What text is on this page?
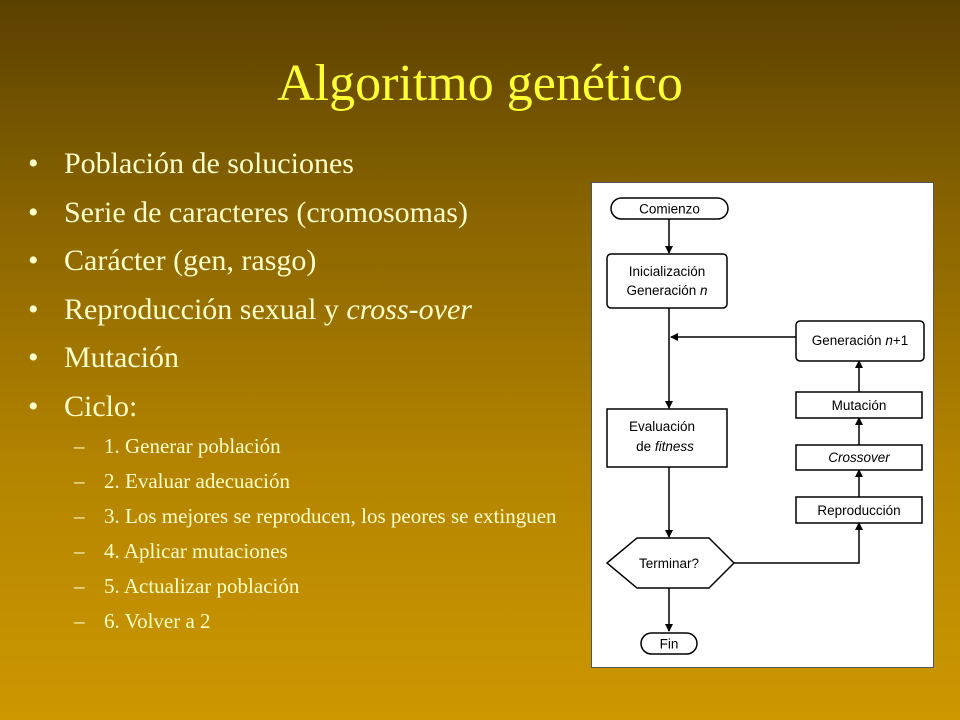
Algoritmo genético
• Población de soluciones
• Serie de caracteres (cromosomas)
• Carácter (gen, rasgo)
• Reproducción sexual y cross-over
• Mutación
• Ciclo:
– 1. Generar población
– 2. Evaluar adecuación
– 3. Los mejores se reproducen, los peores se extinguen
– 4. Aplicar mutaciones
– 5. Actualizar población
– 6. Volver a 2
Comienzo
Inicialización
Generación n
Evaluación
de fitness
Terminar?
Fin
Reproducción
Crossover
Mutación
Generación n+1
